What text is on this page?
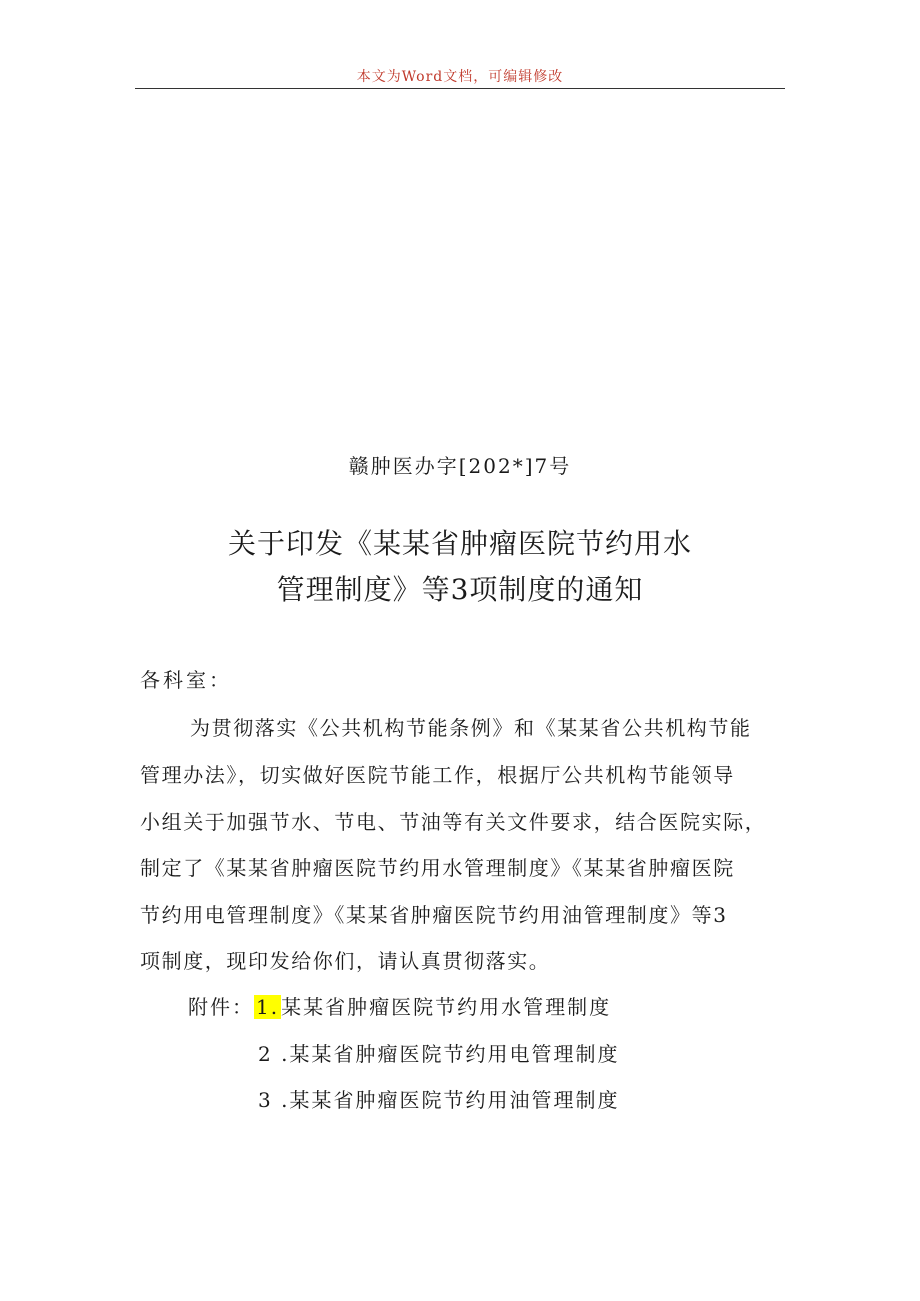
本文为Word文档，可编辑修改
赣肿医办字[202*]7号
关于印发《某某省肿瘤医院节约用水
管理制度》等3项制度的通知
各科室：
为贯彻落实《公共机构节能条例》和《某某省公共机构节能
管理办法》，切实做好医院节能工作，根据厅公共机构节能领导
小组关于加强节水、节电、节油等有关文件要求，结合医院实际，
制定了《某某省肿瘤医院节约用水管理制度》《某某省肿瘤医院
节约用电管理制度》《某某省肿瘤医院节约用油管理制度》等3
项制度，现印发给你们，请认真贯彻落实。
附件： 1. 某某省肿瘤医院节约用水管理制度
2 .某某省肿瘤医院节约用电管理制度
3 .某某省肿瘤医院节约用油管理制度
